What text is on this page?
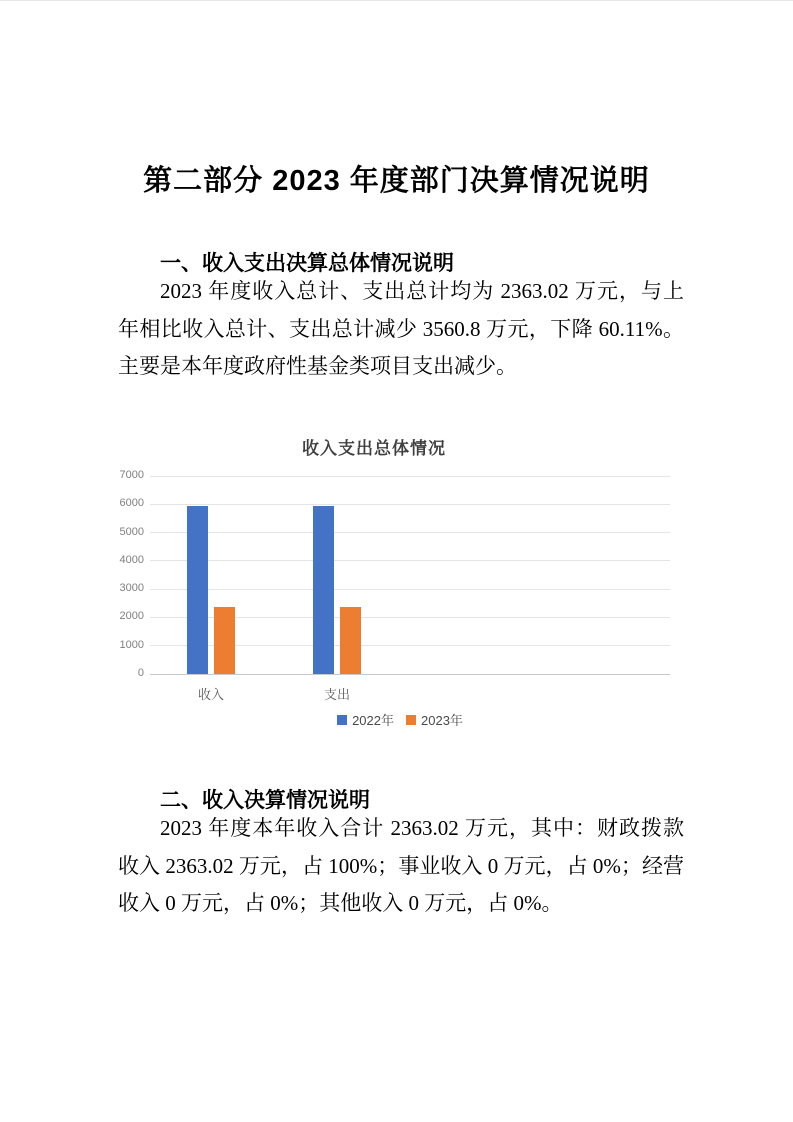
第二部分 2023 年度部门决算情况说明
一、收入支出决算总体情况说明

2023 年度收入总计、支出总计均为 2363.02 万元，与上年相比收入总计、支出总计减少 3560.8 万元，下降 60.11%。主要是本年度政府性基金类项目支出减少。

收入支出总体情况
0
1000
2000
3000
4000
5000
6000
7000
收入	支出
2022年 2023年
二、收入决算情况说明

2023 年度本年收入合计 2363.02 万元，其中：财政拨款收入 2363.02 万元，占 100%；事业收入 0 万元，占 0%；经营收入 0 万元，占 0%；其他收入 0 万元，占 0%。
